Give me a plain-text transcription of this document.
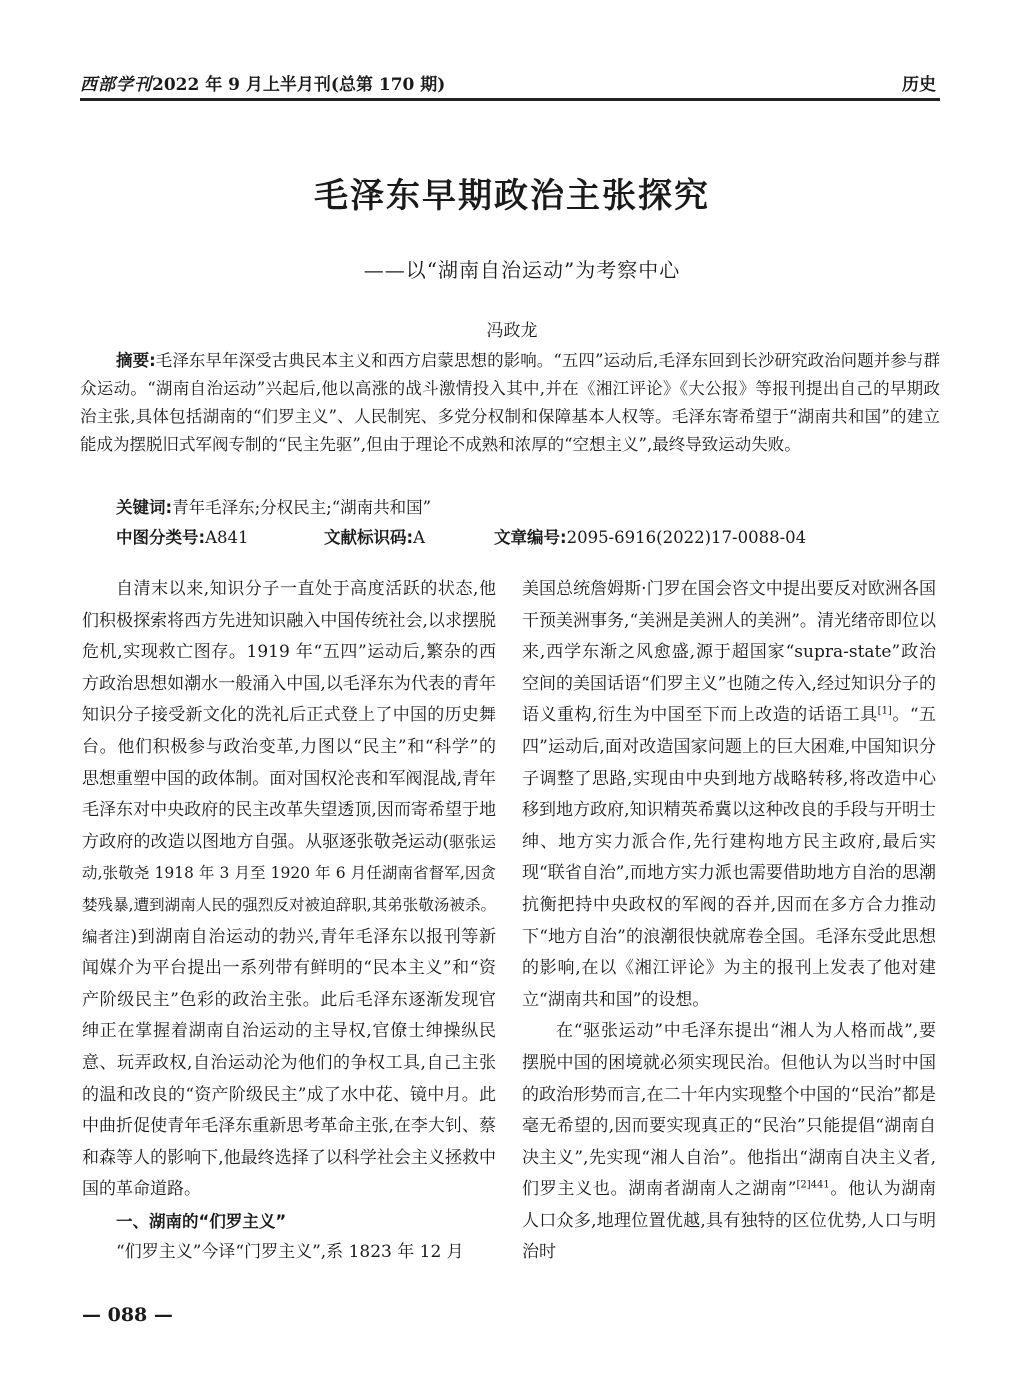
西部学刊2022 年 9 月上半月刊(总第 170 期)	历史
毛泽东早期政治主张探究
——以“湖南自治运动”为考察中心
冯政龙
摘要:毛泽东早年深受古典民本主义和西方启蒙思想的影响。“五四”运动后,毛泽东回到长沙研究政治问题并参与群众运动。“湖南自治运动”兴起后,他以高涨的战斗激情投入其中,并在《湘江评论》《大公报》等报刊提出自己的早期政治主张,具体包括湖南的“们罗主义”、人民制宪、多党分权制和保障基本人权等。毛泽东寄希望于“湖南共和国”的建立能成为摆脱旧式军阀专制的“民主先驱”,但由于理论不成熟和浓厚的“空想主义”,最终导致运动失败。
关键词:青年毛泽东;分权民主;“湖南共和国”
中图分类号:A841	文献标识码:A	文章编号:2095-6916(2022)17-0088-04

自清末以来,知识分子一直处于高度活跃的状态,他们积极探索将西方先进知识融入中国传统社会,以求摆脱危机,实现救亡图存。1919 年“五四”运动后,繁杂的西方政治思想如潮水一般涌入中国,以毛泽东为代表的青年知识分子接受新文化的洗礼后正式登上了中国的历史舞台。他们积极参与政治变革,力图以“民主”和“科学”的思想重塑中国的政体制。面对国权沦丧和军阀混战,青年毛泽东对中央政府的民主改革失望透顶,因而寄希望于地方政府的改造以图地方自强。从驱逐张敬尧运动(驱张运动,张敬尧 1918 年 3 月至 1920 年 6 月任湖南省督军,因贪婪残暴,遭到湖南人民的强烈反对被迫辞职,其弟张敬汤被杀。编者注)到湖南自治运动的勃兴,青年毛泽东以报刊等新闻媒介为平台提出一系列带有鲜明的“民本主义”和“资产阶级民主”色彩的政治主张。此后毛泽东逐渐发现官绅正在掌握着湖南自治运动的主导权,官僚士绅操纵民意、玩弄政权,自治运动沦为他们的争权工具,自己主张的温和改良的“资产阶级民主”成了水中花、镜中月。此中曲折促使青年毛泽东重新思考革命主张,在李大钊、蔡和森等人的影响下,他最终选择了以科学社会主义拯救中国的革命道路。

一、湖南的“们罗主义”

“们罗主义”今译“门罗主义”,系 1823 年 12 月

美国总统詹姆斯·门罗在国会咨文中提出要反对欧洲各国干预美洲事务,“美洲是美洲人的美洲”。清光绪帝即位以来,西学东渐之风愈盛,源于超国家“supra-state”政治空间的美国话语“们罗主义”也随之传入,经过知识分子的语义重构,衍生为中国至下而上改造的话语工具[1]。“五四”运动后,面对改造国家问题上的巨大困难,中国知识分子调整了思路,实现由中央到地方战略转移,将改造中心移到地方政府,知识精英希冀以这种改良的手段与开明士绅、地方实力派合作,先行建构地方民主政府,最后实现“联省自治”,而地方实力派也需要借助地方自治的思潮抗衡把持中央政权的军阀的吞并,因而在多方合力推动下“地方自治”的浪潮很快就席卷全国。毛泽东受此思想的影响,在以《湘江评论》为主的报刊上发表了他对建立“湖南共和国”的设想。

在“驱张运动”中毛泽东提出“湘人为人格而战”,要摆脱中国的困境就必须实现民治。但他认为以当时中国的政治形势而言,在二十年内实现整个中国的“民治”都是毫无希望的,因而要实现真正的“民治”只能提倡“湖南自决主义”,先实现“湘人自治”。他指出“湖南自决主义者,们罗主义也。湖南者湖南人之湖南”$^{[2]441}$。他认为湖南人口众多,地理位置优越,具有独特的区位优势,人口与明治时

— 088 —
